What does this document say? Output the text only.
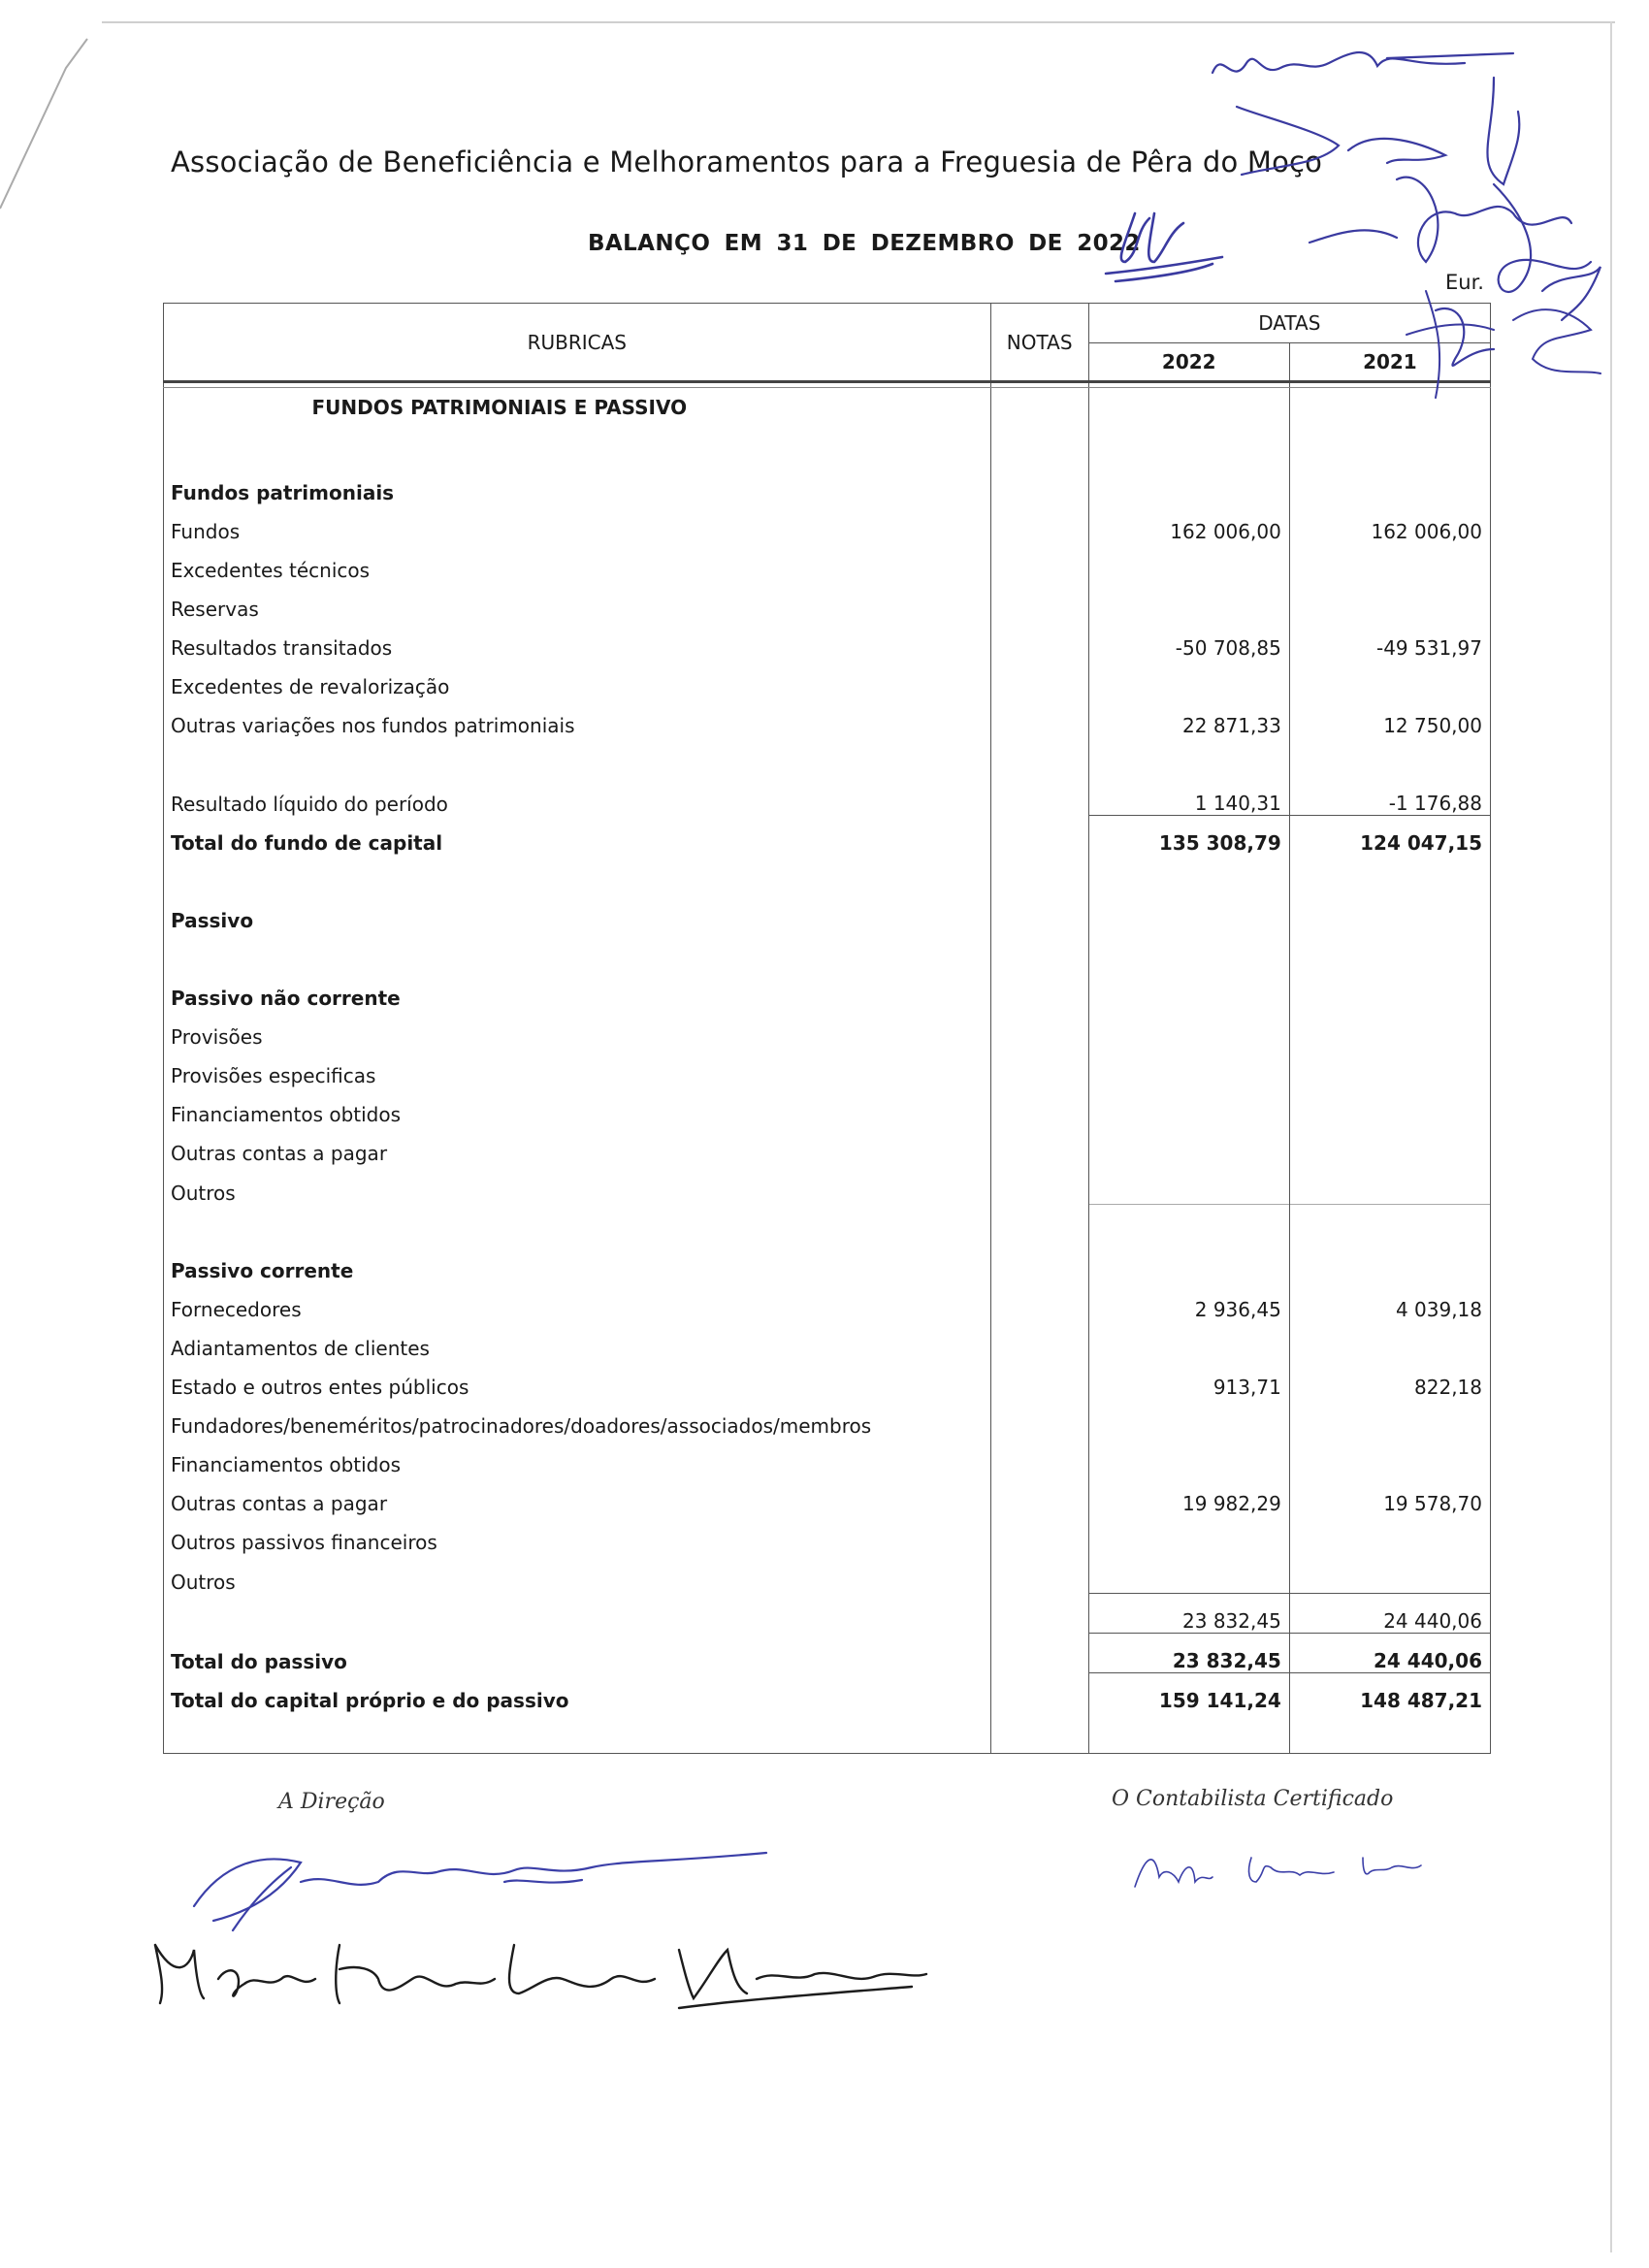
Associação de Beneficiência e Melhoramentos para a Freguesia de Pêra do Moço
BALANÇO EM 31 DE DEZEMBRO DE 2022
Eur.
RUBRICAS	NOTAS	DATAS	
		2022	2021

FUNDOS PATRIMONIAIS E PASSIVO			

Fundos patrimoniais			
Fundos		162 006,00	162 006,00
Excedentes técnicos			
Reservas			
Resultados transitados		-50 708,85	-49 531,97
Excedentes de revalorização			
Outras variações nos fundos patrimoniais		22 871,33	12 750,00

Resultado líquido do período		1 140,31	-1 176,88
Total do fundo de capital		135 308,79	124 047,15

Passivo			

Passivo não corrente			
Provisões			
Provisões especificas			
Financiamentos obtidos			
Outras contas a pagar			
Outros			

Passivo corrente			
Fornecedores		2 936,45	4 039,18
Adiantamentos de clientes			
Estado e outros entes públicos		913,71	822,18
Fundadores/beneméritos/patrocinadores/doadores/associados/membros			
Financiamentos obtidos			
Outras contas a pagar		19 982,29	19 578,70
Outros passivos financeiros			
Outros			
		23 832,45	24 440,06
Total do passivo		23 832,45	24 440,06
Total do capital próprio e do passivo		159 141,24	148 487,21

A Direção	O Contabilista Certificado
